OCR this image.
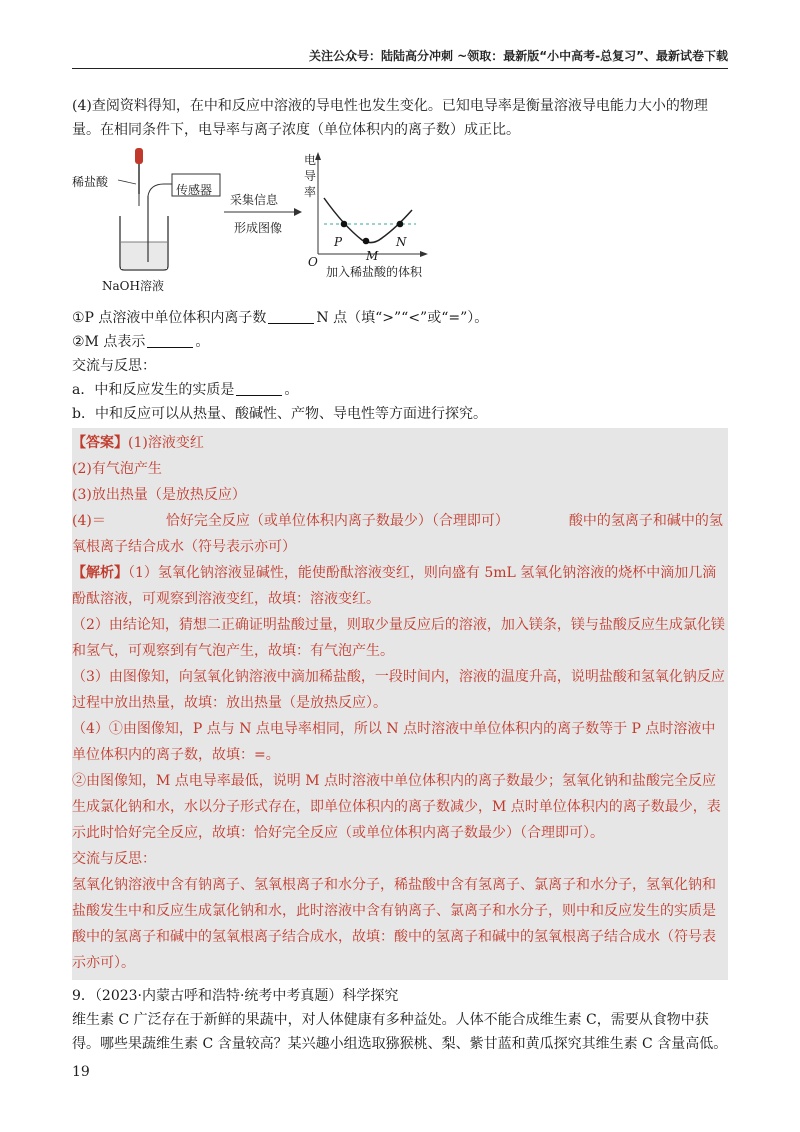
关注公众号：陆陆高分冲刺 ~领取：最新版“小中高考-总复习”、最新试卷下载

(4)查阅资料得知，在中和反应中溶液的导电性也发生变化。已知电导率是衡量溶液导电能力大小的物理量。在相同条件下，电导率与离子浓度（单位体积内的离子数）成正比。

稀盐酸
传感器
采集信息
形成图像
NaOH溶液
电导率
O
加入稀盐酸的体积
P
M
N

①P 点溶液中单位体积内离子数	N 点（填“>”“<”或“=”）。

②M 点表示	。

交流与反思：

a．中和反应发生的实质是	。

b．中和反应可以从热量、酸碱性、产物、导电性等方面进行探究。

【答案】(1)溶液变红

(2)有气泡产生

(3)放出热量（是放热反应）

(4)＝	恰好完全反应（或单位体积内离子数最少）（合理即可）	酸中的氢离子和碱中的氢氧根离子结合成水（符号表示亦可）

【解析】（1）氢氧化钠溶液显碱性，能使酚酞溶液变红，则向盛有 5mL 氢氧化钠溶液的烧杯中滴加几滴酚酞溶液，可观察到溶液变红，故填：溶液变红。

（2）由结论知，猜想二正确证明盐酸过量，则取少量反应后的溶液，加入镁条，镁与盐酸反应生成氯化镁和氢气，可观察到有气泡产生，故填：有气泡产生。

（3）由图像知，向氢氧化钠溶液中滴加稀盐酸，一段时间内，溶液的温度升高，说明盐酸和氢氧化钠反应过程中放出热量，故填：放出热量（是放热反应）。

（4）①由图像知，P 点与 N 点电导率相同，所以 N 点时溶液中单位体积内的离子数等于 P 点时溶液中单位体积内的离子数，故填：=。

②由图像知，M 点电导率最低，说明 M 点时溶液中单位体积内的离子数最少；氢氧化钠和盐酸完全反应生成氯化钠和水，水以分子形式存在，即单位体积内的离子数减少，M 点时单位体积内的离子数最少，表示此时恰好完全反应，故填：恰好完全反应（或单位体积内离子数最少）（合理即可）。

交流与反思：

氢氧化钠溶液中含有钠离子、氢氧根离子和水分子，稀盐酸中含有氢离子、氯离子和水分子，氢氧化钠和盐酸发生中和反应生成氯化钠和水，此时溶液中含有钠离子、氯离子和水分子，则中和反应发生的实质是酸中的氢离子和碱中的氢氧根离子结合成水，故填：酸中的氢离子和碱中的氢氧根离子结合成水（符号表示亦可）。

9．（2023·内蒙古呼和浩特·统考中考真题）科学探究

维生素 C 广泛存在于新鲜的果蔬中，对人体健康有多种益处。人体不能合成维生素 C，需要从食物中获得。哪些果蔬维生素 C 含量较高？某兴趣小组选取猕猴桃、梨、紫甘蓝和黄瓜探究其维生素 C 含量高低。

19
